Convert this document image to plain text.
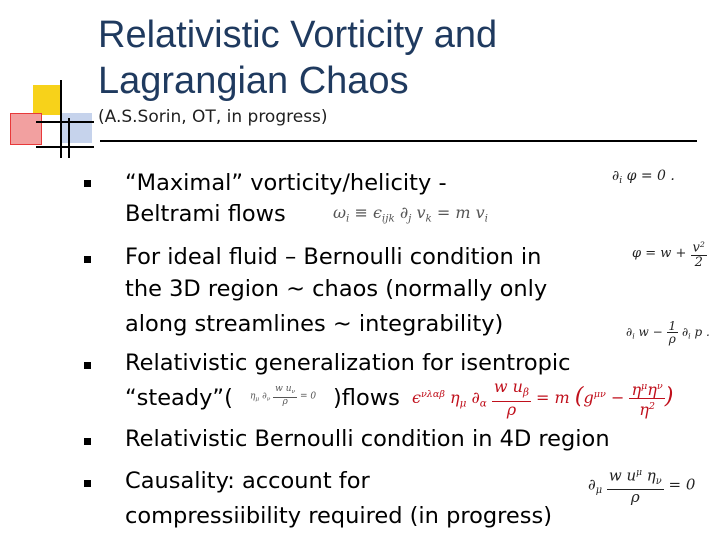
Relativistic Vorticity and
Lagrangian Chaos
(A.S.Sorin, OT, in progress)
“Maximal” vorticity/helicity -
Beltrami flows
For ideal fluid – Bernoulli condition in
the 3D region ~ chaos (normally only
along streamlines ~ integrability)
Relativistic generalization for isentropic
“steady”(	)flows
Relativistic Bernoulli condition in 4D region
Causality: account for
compressiibility required (in progress)
$\partial_i$ φ = 0 .
$\omega_i \equiv \epsilon_{ijk}$ $\partial_j$ $v_k = m$ $v_i$
$\varphi = w + \frac{v^2}{2}$
$\partial_i$ $w - \frac{1}{\rho} \partial_i$ p .
$\eta_\mu$ $\partial_\nu \frac{w u_\nu}{\rho} = 0$	$\epsilon^{\nu\lambda\alpha\beta}$ $\eta_\mu$ $\partial_\alpha \frac{w u_\beta}{\rho} = m$ ($g^{\mu\nu} - \frac{\eta^\mu\eta^\nu}{\eta^2}$ )
$\partial_\mu \frac{w u^\mu \eta_\nu}{\rho} = 0$
